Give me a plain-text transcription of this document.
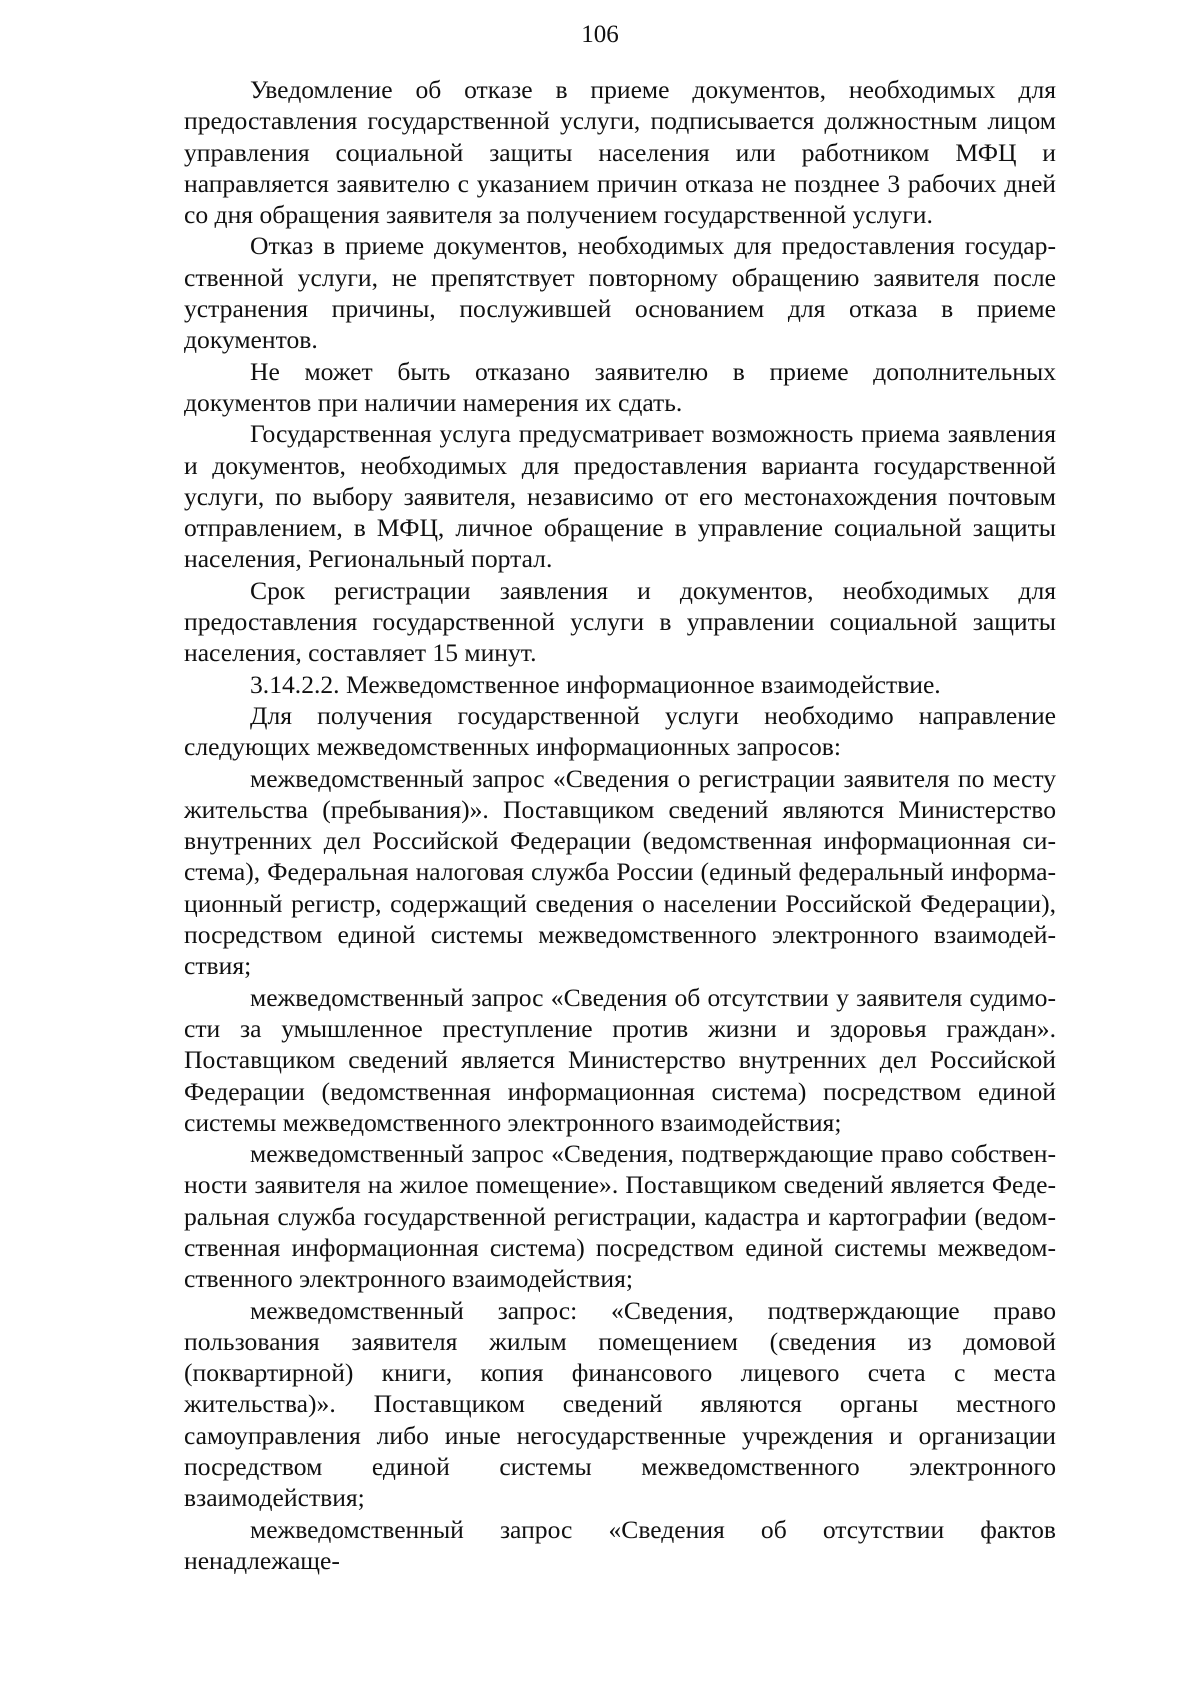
106

Уведомление об отказе в приеме документов, необходимых для предоставления государственной услуги, подписывается должностным лицом управления социальной защиты населения или работником МФЦ и направляется заявителю с указанием причин отказа не позднее 3 рабочих дней со дня обращения заявителя за получением государственной услуги.

Отказ в приеме документов, необходимых для предоставления государственной услуги, не препятствует повторному обращению заявителя после устранения причины, послужившей основанием для отказа в приеме документов.

Не может быть отказано заявителю в приеме дополнительных документов при наличии намерения их сдать.

Государственная услуга предусматривает возможность приема заявления и документов, необходимых для предоставления варианта государственной услуги, по выбору заявителя, независимо от его местонахождения почтовым отправлением, в МФЦ, личное обращение в управление социальной защиты населения, Региональный портал.

Срок регистрации заявления и документов, необходимых для предоставления государственной услуги в управлении социальной защиты населения, составляет 15 минут.

3.14.2.2. Межведомственное информационное взаимодействие.

Для получения государственной услуги необходимо направление следующих межведомственных информационных запросов:

межведомственный запрос «Сведения о регистрации заявителя по месту жительства (пребывания)». Поставщиком сведений являются Министерство внутренних дел Российской Федерации (ведомственная информационная система), Федеральная налоговая служба России (единый федеральный информационный регистр, содержащий сведения о населении Российской Федерации), посредством единой системы межведомственного электронного взаимодействия;

межведомственный запрос «Сведения об отсутствии у заявителя судимости за умышленное преступление против жизни и здоровья граждан». Поставщиком сведений является Министерство внутренних дел Российской Федерации (ведомственная информационная система) посредством единой системы межведомственного электронного взаимодействия;

межведомственный запрос «Сведения, подтверждающие право собственности заявителя на жилое помещение». Поставщиком сведений является Федеральная служба государственной регистрации, кадастра и картографии (ведомственная информационная система) посредством единой системы межведомственного электронного взаимодействия;

межведомственный запрос: «Сведения, подтверждающие право пользования заявителя жилым помещением (сведения из домовой (поквартирной) книги, копия финансового лицевого счета с места жительства)». Поставщиком сведений являются органы местного самоуправления либо иные негосударственные учреждения и организации посредством единой системы межведомственного электронного взаимодействия;

межведомственный запрос «Сведения об отсутствии фактов ненадлежаще-
